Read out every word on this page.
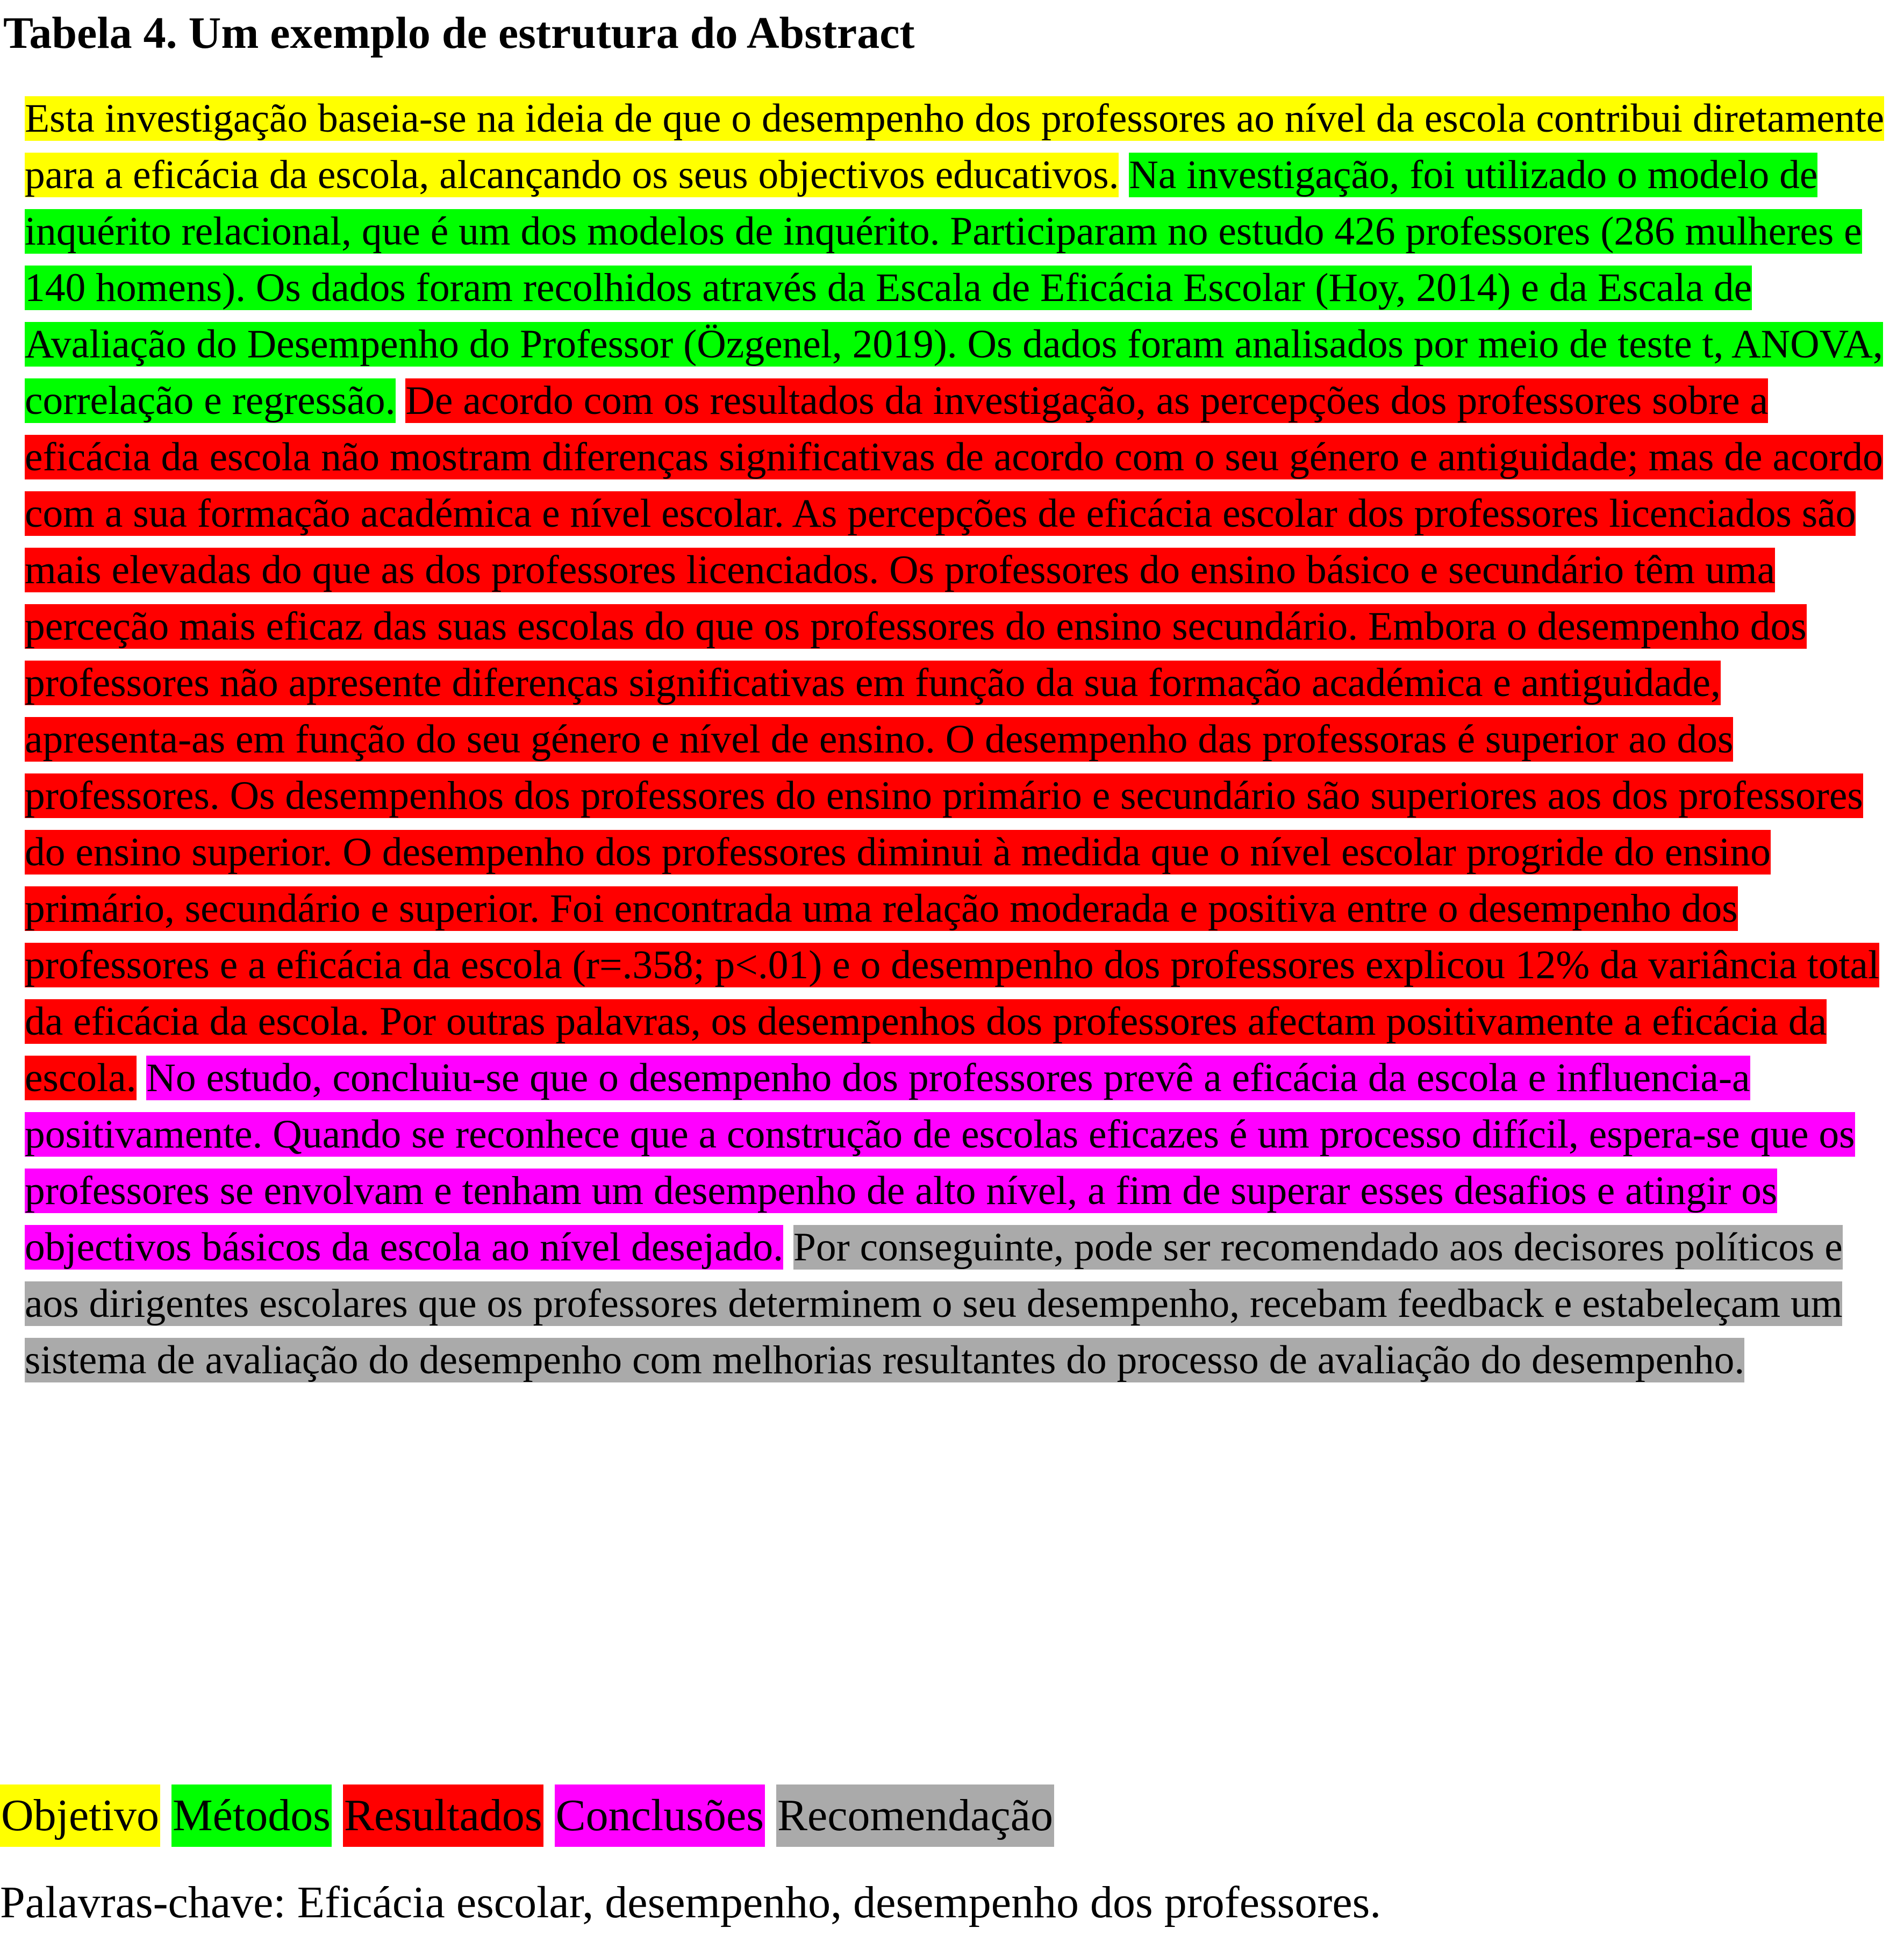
Tabela 4. Um exemplo de estrutura do Abstract

Esta investigação baseia-se na ideia de que o desempenho dos professores ao nível da escola contribui diretamente para a eficácia da escola, alcançando os seus objectivos educativos. Na investigação, foi utilizado o modelo de inquérito relacional, que é um dos modelos de inquérito. Participaram no estudo 426 professores (286 mulheres e 140 homens). Os dados foram recolhidos através da Escala de Eficácia Escolar (Hoy, 2014) e da Escala de Avaliação do Desempenho do Professor (Özgenel, 2019). Os dados foram analisados por meio de teste t, ANOVA, correlação e regressão. De acordo com os resultados da investigação, as percepções dos professores sobre a eficácia da escola não mostram diferenças significativas de acordo com o seu género e antiguidade; mas de acordo com a sua formação académica e nível escolar. As percepções de eficácia escolar dos professores licenciados são mais elevadas do que as dos professores licenciados. Os professores do ensino básico e secundário têm uma perceção mais eficaz das suas escolas do que os professores do ensino secundário. Embora o desempenho dos professores não apresente diferenças significativas em função da sua formação académica e antiguidade, apresenta-as em função do seu género e nível de ensino. O desempenho das professoras é superior ao dos professores. Os desempenhos dos professores do ensino primário e secundário são superiores aos dos professores do ensino superior. O desempenho dos professores diminui à medida que o nível escolar progride do ensino primário, secundário e superior. Foi encontrada uma relação moderada e positiva entre o desempenho dos professores e a eficácia da escola (r=.358; p<.01) e o desempenho dos professores explicou 12% da variância total da eficácia da escola. Por outras palavras, os desempenhos dos professores afectam positivamente a eficácia da escola. No estudo, concluiu-se que o desempenho dos professores prevê a eficácia da escola e influencia-a positivamente. Quando se reconhece que a construção de escolas eficazes é um processo difícil, espera-se que os professores se envolvam e tenham um desempenho de alto nível, a fim de superar esses desafios e atingir os objectivos básicos da escola ao nível desejado. Por conseguinte, pode ser recomendado aos decisores políticos e aos dirigentes escolares que os professores determinem o seu desempenho, recebam feedback e estabeleçam um sistema de avaliação do desempenho com melhorias resultantes do processo de avaliação do desempenho.

Objetivo Métodos Resultados Conclusões Recomendação

Palavras-chave: Eficácia escolar, desempenho, desempenho dos professores.
